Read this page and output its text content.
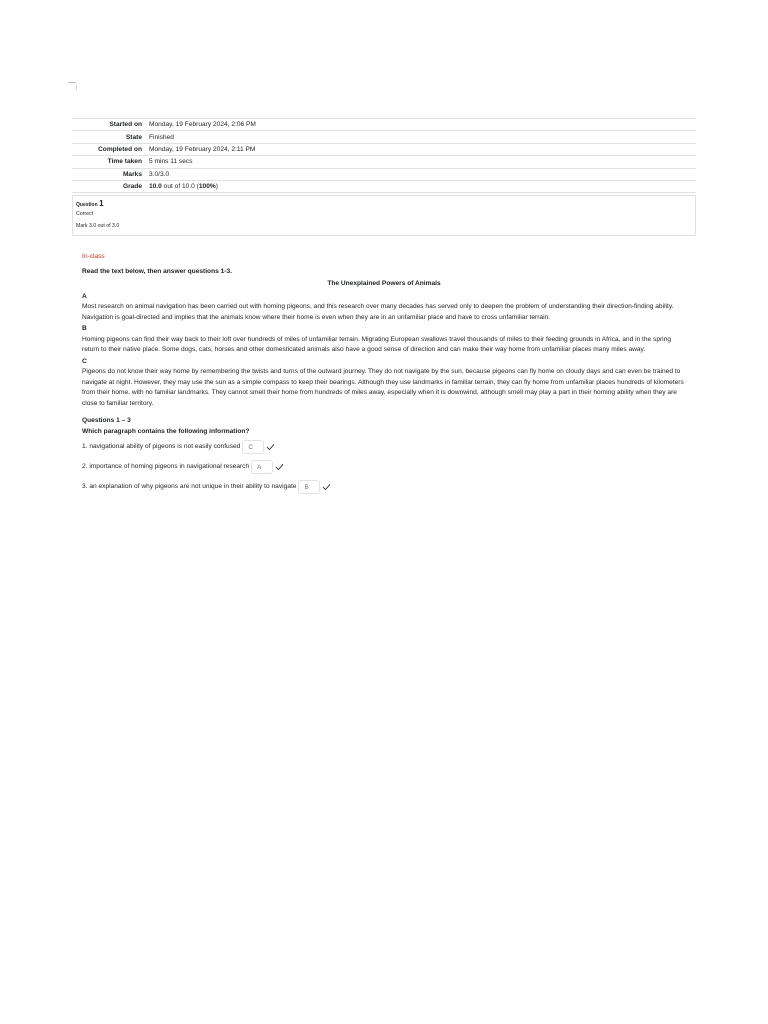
Started on	Monday, 19 February 2024, 2:06 PM
State	Finished
Completed on	Monday, 19 February 2024, 2:11 PM
Time taken	5 mins 11 secs
Marks	3.0/3.0
Grade	10.0 out of 10.0 (100%)
Question 1
Correct
Mark 3.0 out of 3.0
In-class
Read the text below, then answer questions 1-3.
The Unexplained Powers of Animals
A
Most research on animal navigation has been carried out with homing pigeons, and this research over many decades has served only to deepen the problem of understanding their direction-finding ability. Navigation is goal-directed and implies that the animals know where their home is even when they are in an unfamiliar place and have to cross unfamiliar terrain.
B
Homing pigeons can find their way back to their loft over hundreds of miles of unfamiliar terrain. Migrating European swallows travel thousands of miles to their feeding grounds in Africa, and in the spring return to their native place. Some dogs, cats, horses and other domesticated animals also have a good sense of direction and can make their way home from unfamiliar places many miles away.
C
Pigeons do not know their way home by remembering the twists and turns of the outward journey. They do not navigate by the sun, because pigeons can fly home on cloudy days and can even be trained to navigate at night. However, they may use the sun as a simple compass to keep their bearings. Although they use landmarks in familiar terrain, they can fly home from unfamiliar places hundreds of kilometers from their home, with no familiar landmarks. They cannot smell their home from hundreds of miles away, especially when it is downwind, although smell may play a part in their homing ability when they are close to familiar territory.
Questions 1 – 3
Which paragraph contains the following information?
1. navigational ability of pigeons is not easily confused	C
2. importance of homing pigeons in navigational research	A
3. an explanation of why pigeons are not unique in their ability to navigate	B
